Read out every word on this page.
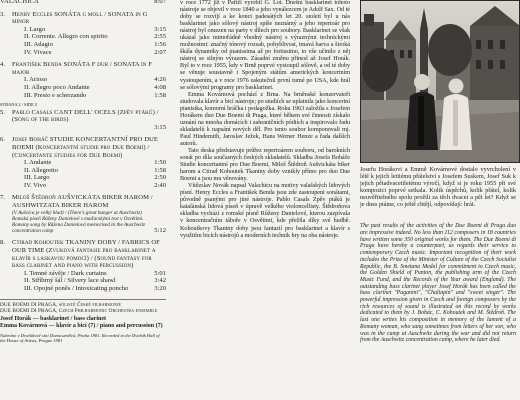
VALACHICA	8:07
3.	Henry Eccles SONÁTA g moll / SONATA in G minor
I. Largo	3:15
II. Corrente. Allegro con spirito	2:55
III. Adagio	1:56
IV. Vivace	2:07
4.	František Benda SONÁTA F dur / SONATA in F major
I. Arioso	4:26
II. Allegro poco Andante	4:08
III. Presto e scherzando	1:58
STRANA 2 / SIDE 2
5.	Pablo Casals CANT DELL' OCELS (Zpěv ptáků) / (Song of the birds)
3:15
6.	Josef Boháč STUDIE KONCERTANTNÍ PRO DUE BOEMI (Koncertantní studie pro Due Boemi) / (Concertante studies for Due Boemi)
I. Andante	1:50
II. Allegretto	1:58
III. Largo	2:50
IV. Vivo	2:40
7.	Miloš Štědroň AUŠVICKÁTA BIKER HAROM / AUSHWITZATA BIKER HAROM
(V Aušvicu je velký hlad) / (There's great hunger at Auschwitz)
Romská píseň Růženy Danielové s maďarskými text v Osvětimi. Romany song by Růžena Danielová memorised in the Auschwitz concentration camp	5:12
8.	Ctirad Kohoutek TKANINY DOBY / FABRICS OF OUR TIME (Zvuková fantasie pro basklarinet a klavír s laskavou pomocí) / (Sound fantasy for bass clarinet and piano with percussion)
I. Temné závěje / Dark curtains	5:01
II. Stříbrný šál / Silvery lace shawl	3:42
III. Opojné poněs / Intoxicating poncho	3:20
DUE BOEMI DI PRAGA, sólisté České filharmonie
DUE BOEMI DI PRAGA, Czech Philharmonic Orchestra ensemble
Josef Horák — basklarinet / bass clarinet
Emma Kovárnová — klavír a bicí (7) / piano and percussion (7)
Nahráno v Dvořákově síni Domu umělců, Praha 1981. Recorded in the Dvořák Hall of the House of Artists, Prague 1981

v roce 1772 již v Paříži vyrobil G. Lot. Dnešní basklarinet tohoto nástroje se objevil v roce 1840 a jeho vynálezcem je Adolf Sax. Od té doby se rozvíjí a ke konci padesátých let 20. století byl u nás basklarinet jako sólový nástroj spíše neznámý a jeho repertoár pro nástroj byl omezen na party v dílech pro soubory. Basklarinet se však ukázal jako mimořádně vhodný nástroj s výraznými technickými možnostmi: značný tónový rozsah, pohyblivost, tmavá barva a široká škála dynamiky od pianissima až po fortissimo, to vše učinilo z něj nástroj se silným výrazem. Zásadní změnu přinesl až Josef Horák. Byl to v roce 1955, kdy v Brně poprvé vystoupil sólově, a od té doby se věnuje soustavně i Spojeným státům amerických koncertním vystoupením, a v roce 1976 uskutečnil první turné po USA, kde hrál se sólovými programy pro basklarinet.

Emma Kovárnová pochází z Brna. Na brněnské konzervatoři studovala klavír a bicí nástroje; po studiích se uplatnila jako koncertní pianistka, komorní hráčka i pedagožka. Roku 1963 založila s Josefem Horákem duo Due Boemi di Praga, které během své činnosti získalo uznání na mnoha domácích i zahraničních pódiích a inspirovalo řadu skladatelů k napsání nových děl. Pro tento soubor komponovali mj. Paul Hindemith, Jaroslav Ježek, Hans Werner Henze a řada dalších autorů.

Tato deska představuje průřez repertoárem souboru, od barokních sonát po díla současných českých skladatelů. Skladba Josefa Boháče Studie koncertantní pro Due Boemi, Miloš Štědroň Aušvickáta biker harom a Ctirad Kohoutek Tkaniny doby vznikly přímo pro duo Due Boemi a jsou mu věnovány.

Vítězslav Novák napsal Valachicu na motivy valašských lidových písní. Henry Eccles a František Benda jsou zde zastoupeni sonátami, původně psanými pro jiné nástroje. Pablo Casals Zpěv ptáků je katalánská lidová píseň v úpravě velkého violoncellisty. Štědroňova skladba vychází z romské písně Růženy Danielové, kterou zazpívala v koncentračním táboře v Osvětimi, kde přežila díky své hudbě. Kohoutkovy Tkaniny doby jsou fantazií pro basklarinet a klavír s využitím bicích nástrojů a moderních technik hry na oba nástroje.

Josefu Horákovi a Emmě Kovárnové dostalo vyvrcholení v létě k jejich letitému přátelství s Josefem Suskem, Josef Suk k jejich pětadvacetiletému výročí, když si je roku 1955 při své kompozici poprvé setkala. Kolik úspěchů, kolik přátel, kolik neuvěřitelného spolu prožili za těch dvacet a pět let? Když se je dnes ptáme, co ještě chtějí, odpovídají: hrát.

The past results of the activities of the Due Boemi di Praga duo are impressive indeed. No less than 112 composers in 18 countries have written some 350 original works for them. The Due Boemi di Praga have hereby a counterpart, as regards their service to contemporary Czech music. Important recognition of their work includes the Prize of the Minister of Culture of the Czech Socialist Republic, the B. Smetana Medal for commitment to Czech music, the Golden Shield of Punton, the publishing arm of the Czech Music Fund, and the Records of the Year award (England). The outstanding bass clarinet player Josef Horák has been called the bass clarinet "Paganini", "Chaliapin" and "sweet singer". The powerful impression given in Czech and foreign composers by the rich resources of sound is illustrated on this record by works dedicated to them by J. Bohác, C. Kohoutek and M. Štědroň. The last one writes his composition in memory of the lament of a Romany woman, who sang sometimes from letters of her son, who was in the camp at Auschwitz during the war and did not return from the Auschwitz concentration camp, where he later died.
